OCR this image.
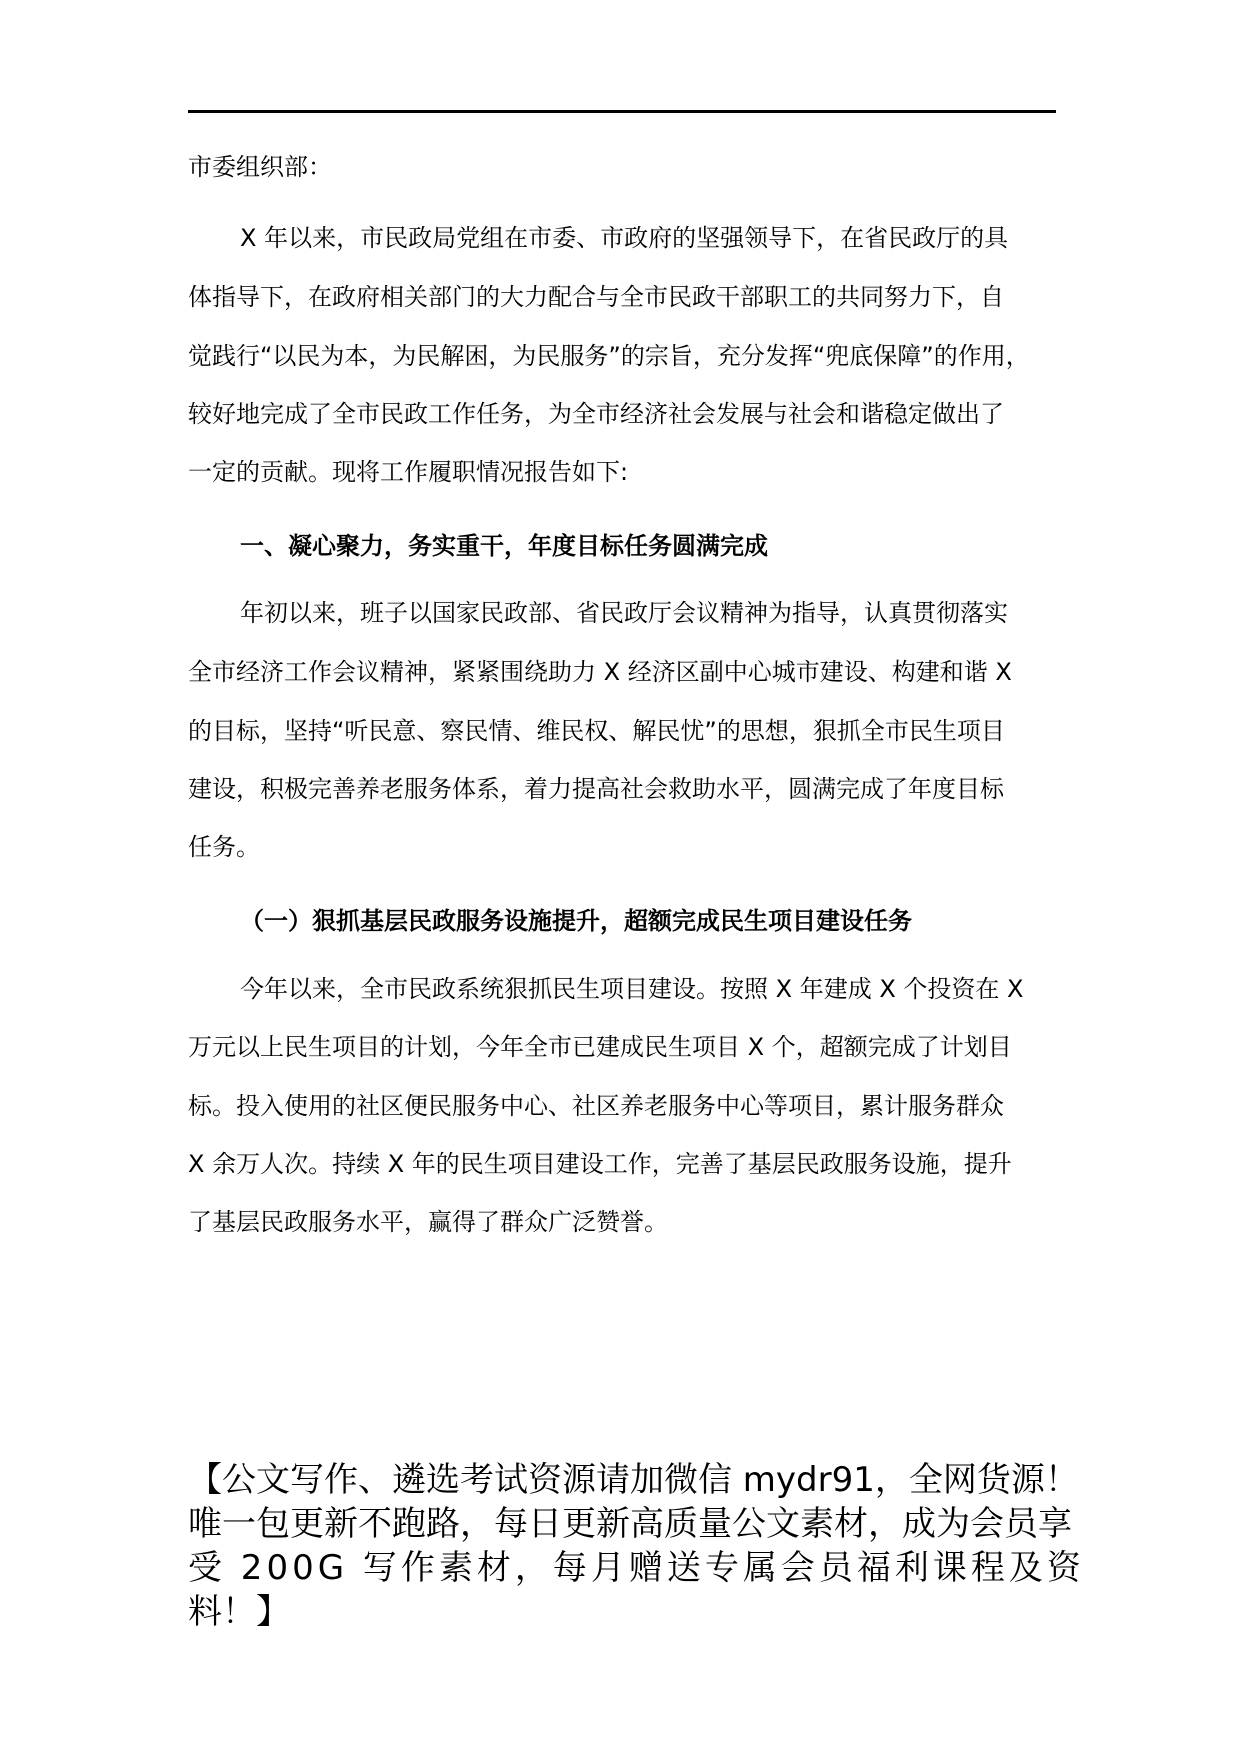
市委组织部：
X 年以来，市民政局党组在市委、市政府的坚强领导下，在省民政厅的具
体指导下，在政府相关部门的大力配合与全市民政干部职工的共同努力下，自
觉践行“以民为本，为民解困，为民服务”的宗旨，充分发挥“兜底保障”的作用，
较好地完成了全市民政工作任务，为全市经济社会发展与社会和谐稳定做出了
一定的贡献。现将工作履职情况报告如下:
一、凝心聚力，务实重干，年度目标任务圆满完成
年初以来，班子以国家民政部、省民政厅会议精神为指导，认真贯彻落实
全市经济工作会议精神，紧紧围绕助力 X 经济区副中心城市建设、构建和谐 X
的目标，坚持“听民意、察民情、维民权、解民忧”的思想，狠抓全市民生项目
建设，积极完善养老服务体系，着力提高社会救助水平，圆满完成了年度目标
任务。
（一）狠抓基层民政服务设施提升，超额完成民生项目建设任务
今年以来，全市民政系统狠抓民生项目建设。按照 X 年建成 X 个投资在 X
万元以上民生项目的计划，今年全市已建成民生项目 X 个，超额完成了计划目
标。投入使用的社区便民服务中心、社区养老服务中心等项目，累计服务群众
X 余万人次。持续 X 年的民生项目建设工作，完善了基层民政服务设施，提升
了基层民政服务水平，赢得了群众广泛赞誉。
【公文写作、遴选考试资源请加微信 mydr91，全网货源！
唯一包更新不跑路，每日更新高质量公文素材，成为会员享
受 200G 写作素材，每月赠送专属会员福利课程及资
料！】
